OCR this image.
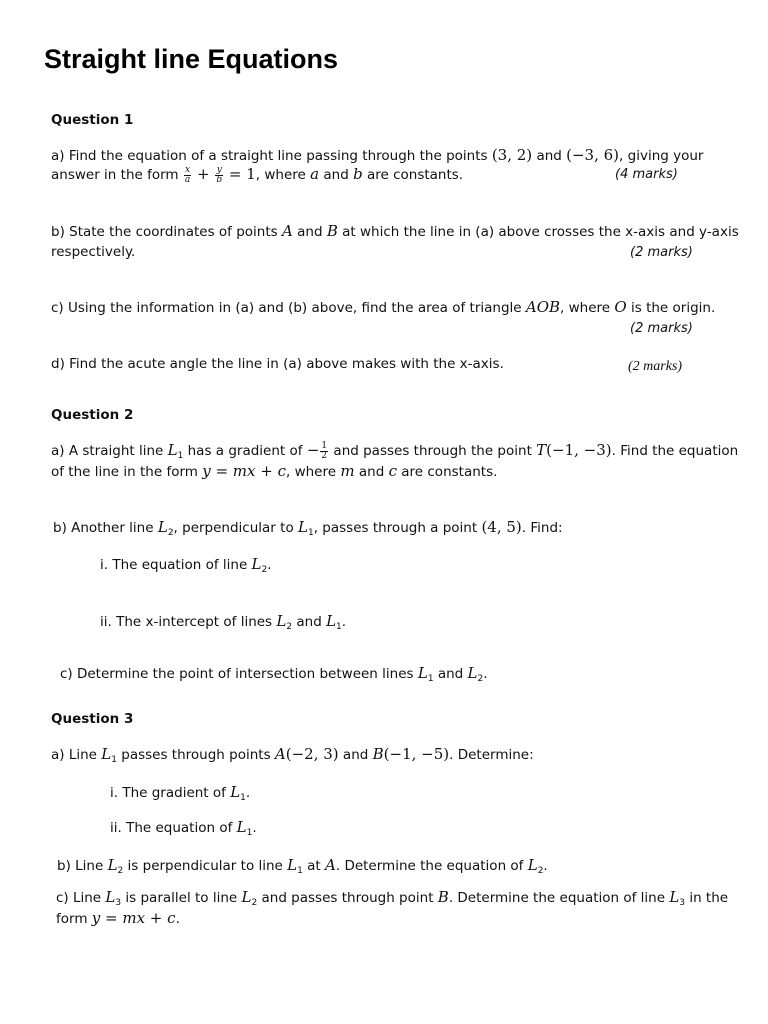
Straight line Equations
Question 1
a) Find the equation of a straight line passing through the points (3, 2) and (−3, 6), giving your
answer in the form $\frac{x}{a} + \frac{y}{b} = 1$, where a and b are constants.	(4 marks)
b) State the coordinates of points A and B at which the line in (a) above crosses the x-axis and y-axis
respectively.	(2 marks)
c) Using the information in (a) and (b) above, find the area of triangle AOB, where O is the origin.
(2 marks)
d) Find the acute angle the line in (a) above makes with the x-axis.	(2 marks)
Question 2
a) A straight line $L_1$ has a gradient of − $\frac{1}{2}$ and passes through the point T(−1, −3). Find the equation
of the line in the form y = mx + c, where m and c are constants.
b) Another line $L_2$, perpendicular to $L_1$, passes through a point (4, 5). Find:
i. The equation of line $L_2$.
ii. The x-intercept of lines $L_2$ and $L_1$.
c) Determine the point of intersection between lines $L_1$ and $L_2$.
Question 3
a) Line $L_1$ passes through points A(−2, 3) and B(−1, −5). Determine:
i. The gradient of $L_1$.
ii. The equation of $L_1$.
b) Line $L_2$ is perpendicular to line $L_1$ at A. Determine the equation of $L_2$.
c) Line $L_3$ is parallel to line $L_2$ and passes through point B. Determine the equation of line $L_3$ in the
form y = mx + c.
